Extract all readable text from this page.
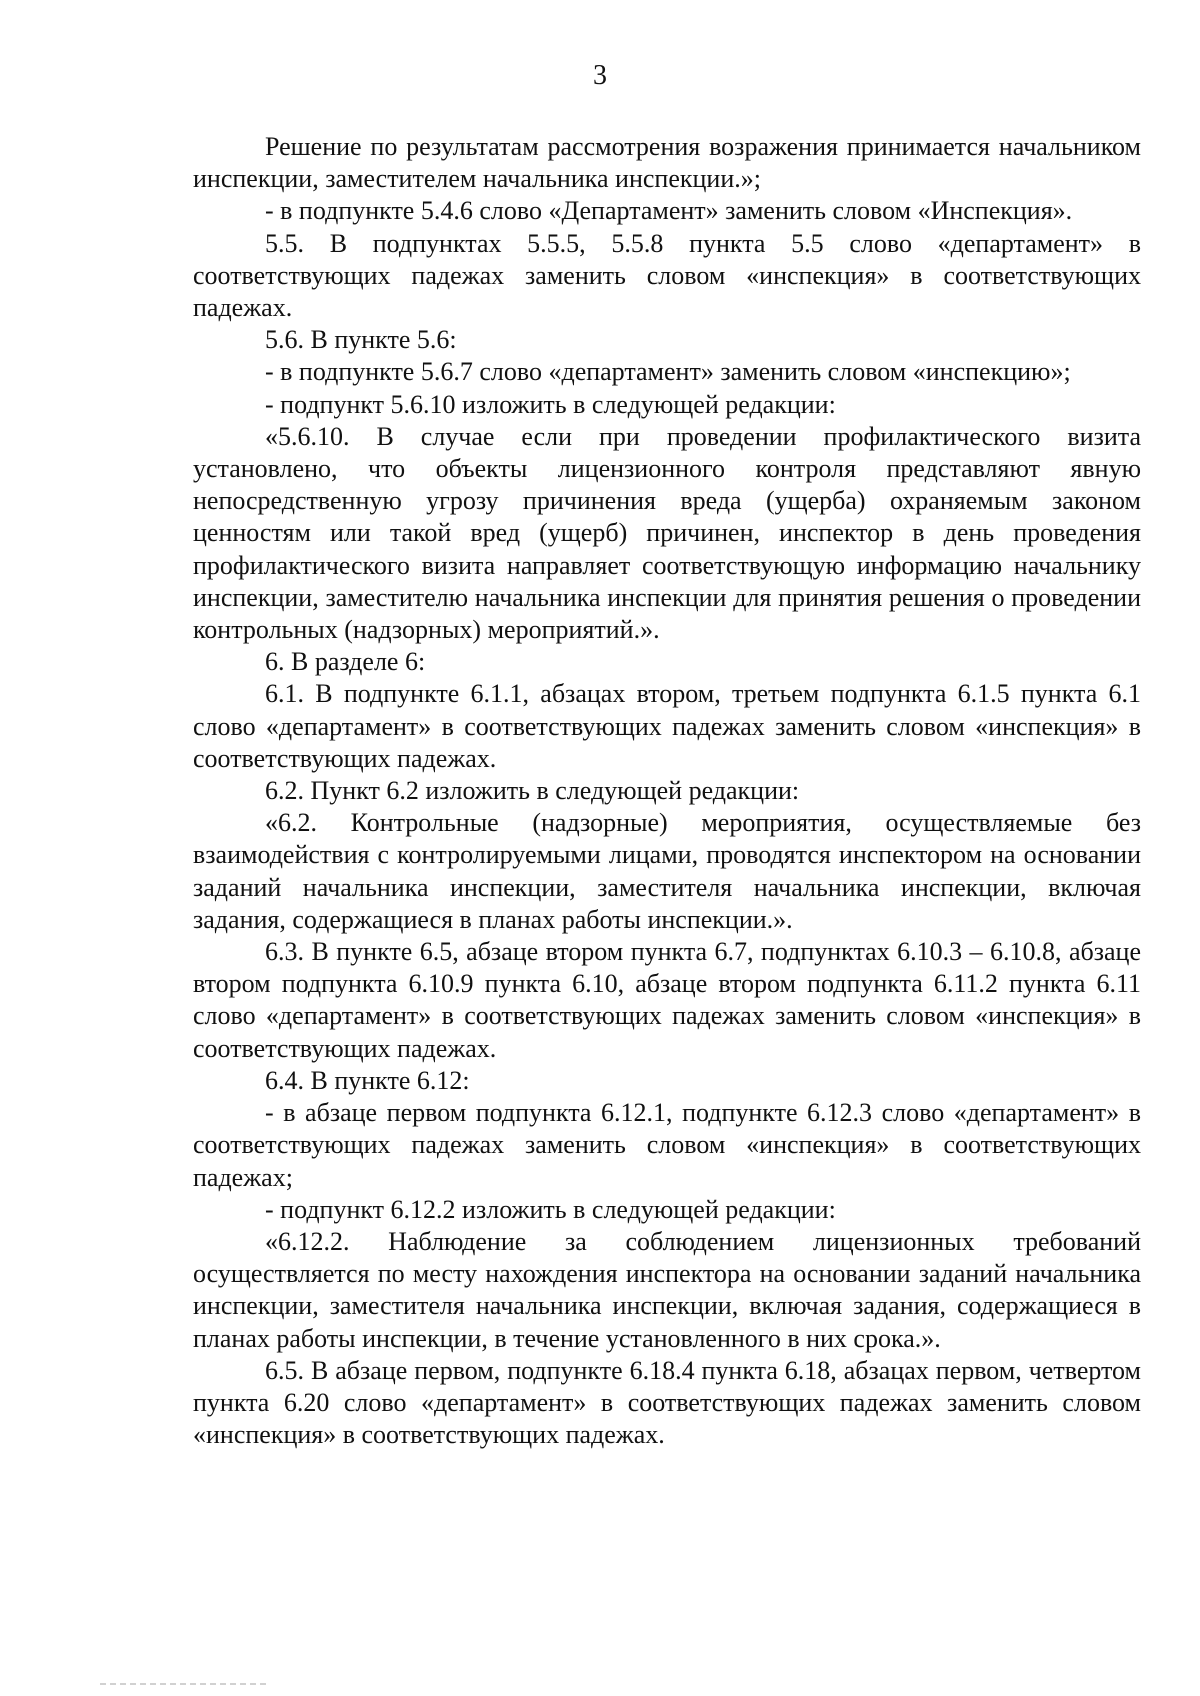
3

Решение по результатам рассмотрения возражения принимается начальником инспекции, заместителем начальника инспекции.»;

- в подпункте 5.4.6 слово «Департамент» заменить словом «Инспекция».

5.5. В подпунктах 5.5.5, 5.5.8 пункта 5.5 слово «департамент» в соответствующих падежах заменить словом «инспекция» в соответствующих падежах.

5.6. В пункте 5.6:

- в подпункте 5.6.7 слово «департамент» заменить словом «инспекцию»;

- подпункт 5.6.10 изложить в следующей редакции:

«5.6.10. В случае если при проведении профилактического визита установлено, что объекты лицензионного контроля представляют явную непосредственную угрозу причинения вреда (ущерба) охраняемым законом ценностям или такой вред (ущерб) причинен, инспектор в день проведения профилактического визита направляет соответствующую информацию начальнику инспекции, заместителю начальника инспекции для принятия решения о проведении контрольных (надзорных) мероприятий.».

6. В разделе 6:

6.1. В подпункте 6.1.1, абзацах втором, третьем подпункта 6.1.5 пункта 6.1 слово «департамент» в соответствующих падежах заменить словом «инспекция» в соответствующих падежах.

6.2. Пункт 6.2 изложить в следующей редакции:

«6.2. Контрольные (надзорные) мероприятия, осуществляемые без взаимодействия с контролируемыми лицами, проводятся инспектором на основании заданий начальника инспекции, заместителя начальника инспекции, включая задания, содержащиеся в планах работы инспекции.».

6.3. В пункте 6.5, абзаце втором пункта 6.7, подпунктах 6.10.3 – 6.10.8, абзаце втором подпункта 6.10.9 пункта 6.10, абзаце втором подпункта 6.11.2 пункта 6.11 слово «департамент» в соответствующих падежах заменить словом «инспекция» в соответствующих падежах.

6.4. В пункте 6.12:

- в абзаце первом подпункта 6.12.1, подпункте 6.12.3 слово «департамент» в соответствующих падежах заменить словом «инспекция» в соответствующих падежах;

- подпункт 6.12.2 изложить в следующей редакции:

«6.12.2. Наблюдение за соблюдением лицензионных требований осуществляется по месту нахождения инспектора на основании заданий начальника инспекции, заместителя начальника инспекции, включая задания, содержащиеся в планах работы инспекции, в течение установленного в них срока.».

6.5. В абзаце первом, подпункте 6.18.4 пункта 6.18, абзацах первом, четвертом пункта 6.20 слово «департамент» в соответствующих падежах заменить словом «инспекция» в соответствующих падежах.
